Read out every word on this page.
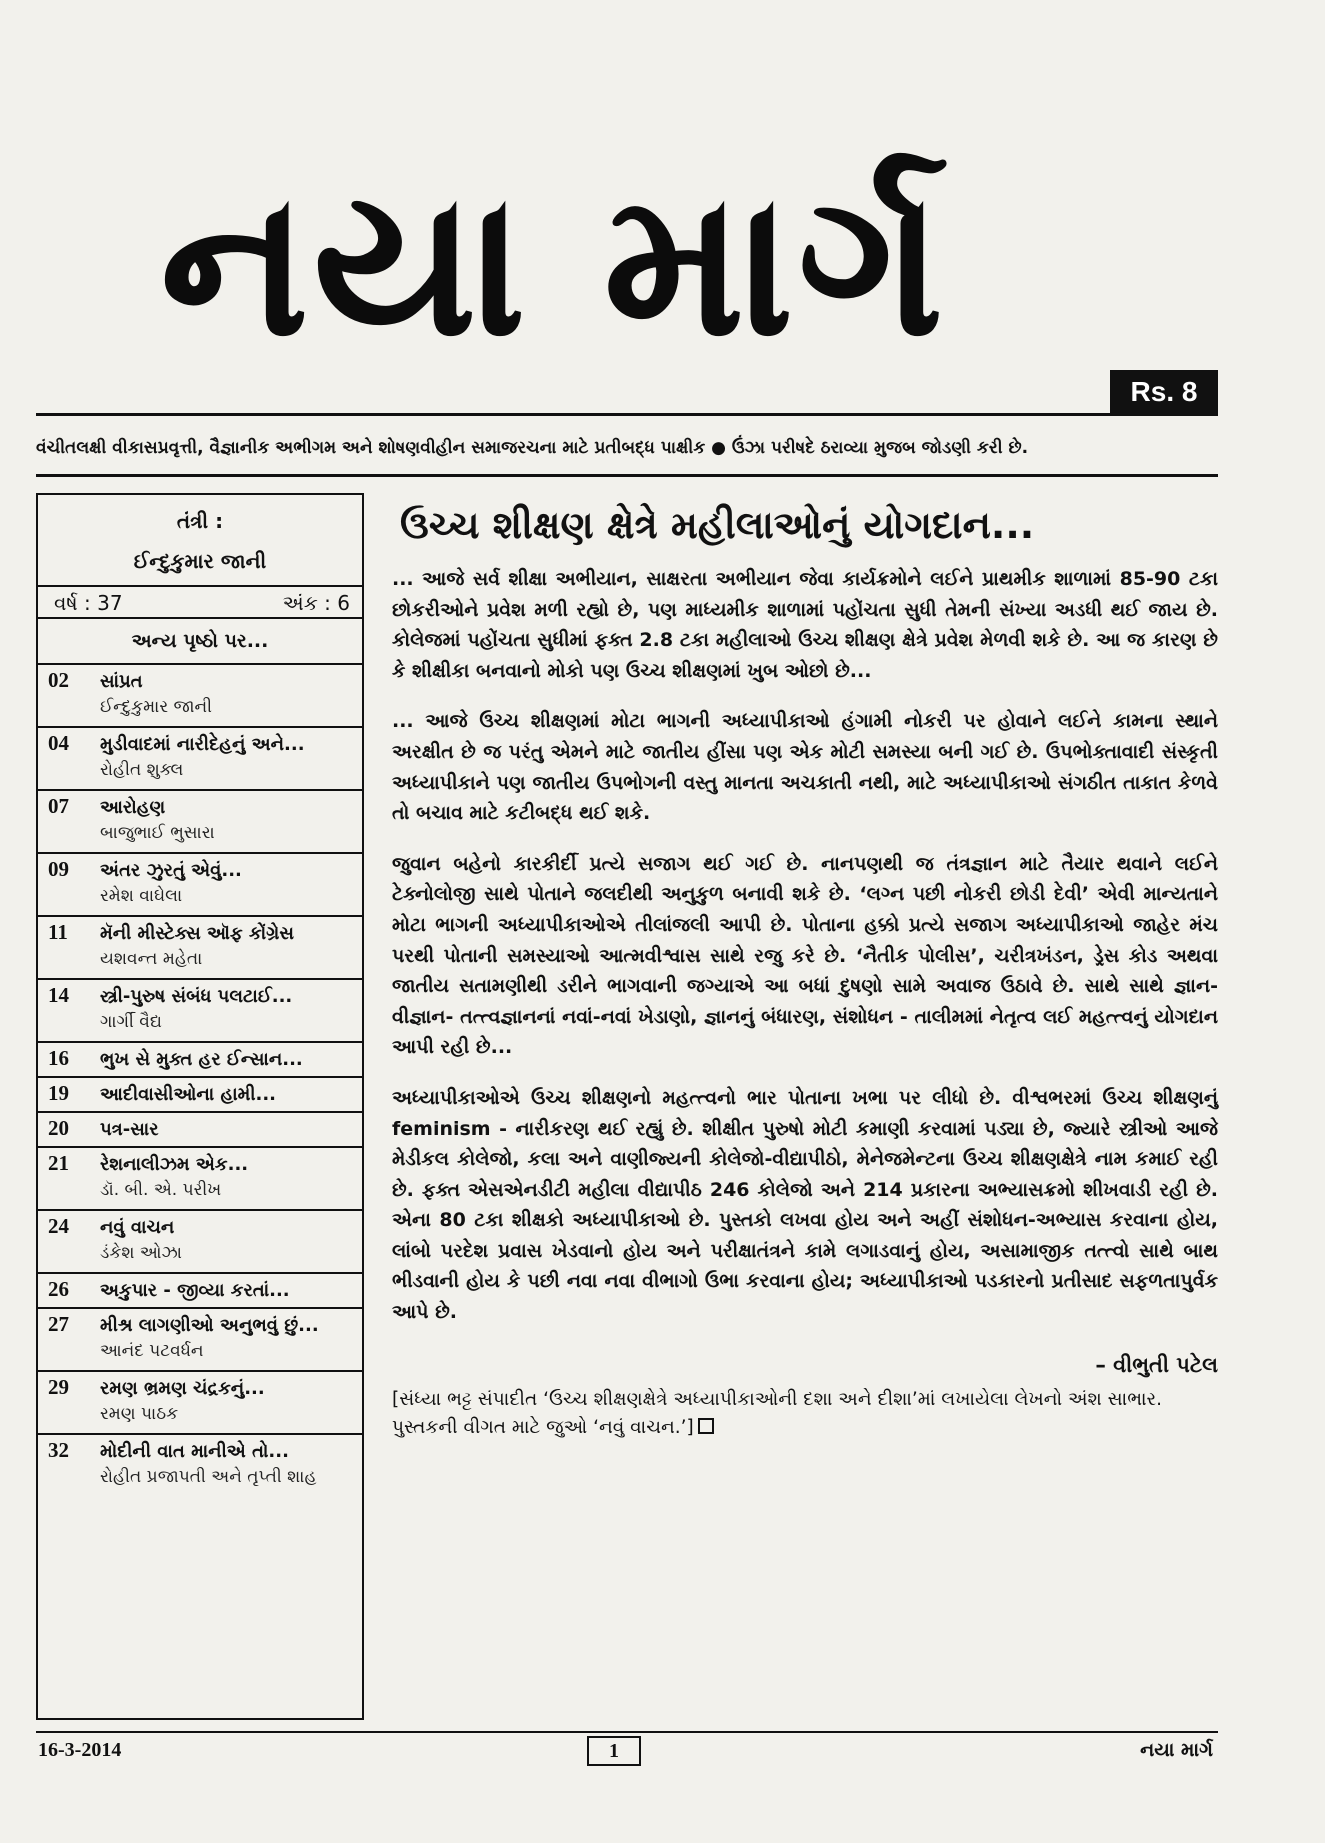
નયા માર્ગ
Rs. 8
વંચીતલક્ષી વીકાસપ્રવૃત્તી, વૈજ્ઞાનીક અભીગમ અને શોષણવીહીન સમાજરચના માટે પ્રતીબદ્ધ પાક્ષીક ● ઉંઝા પરીષદે ઠરાવ્યા મુજબ જોડણી કરી છે.
તંત્રી :
ઈન્દુકુમાર જાની
વર્ષ : 37	અંક : 6
અન્ય પૃષ્ઠો પર...
02	સાંપ્રત
ઈન્દુકુમાર જાની
04	મુડીવાદમાં નારીદેહનું અને...
રોહીત શુક્લ
07	આરોહણ
બાજુભાઈ ભુસારા
09	અંતર ઝુરતું એવું...
રમેશ વાઘેલા
11	મૅની મીસ્ટેક્સ ઑફ કોંગ્રેસ
યશવન્ત મહેતા
14	સ્ત્રી-પુરુષ સંબંધ પલટાઈ...
ગાર્ગી વૈદ્ય
16	ભુખ સે મુક્ત હર ઈન્સાન...
19	આદીવાસીઓના હામી...
20	પત્ર-સાર
21	રેશનાલીઝમ એક...
ડૉ. બી. એ. પરીખ
24	નવું વાચન
ડંકેશ ઓઝા
26	અકુપાર - જીવ્યા કરતાં...
27	મીશ્ર લાગણીઓ અનુભવું છું...
આનંદ પટવર્ધન
29	રમણ ભ્રમણ ચંદ્રકનું...
રમણ પાઠક
32	મોદીની વાત માનીએ તો...
રોહીત પ્રજાપતી અને તૃપ્તી શાહ
ઉચ્ચ શીક્ષણ ક્ષેત્રે મહીલાઓનું યોગદાન...

... આજે સર્વ શીક્ષા અભીયાન, સાક્ષરતા અભીયાન જેવા કાર્યક્રમોને લઈને પ્રાથમીક શાળામાં 85-90 ટકા છોકરીઓને પ્રવેશ મળી રહ્યો છે, પણ માધ્યમીક શાળામાં પહોંચતા સુધી તેમની સંખ્યા અડધી થઈ જાય છે. કોલેજમાં પહોંચતા સુધીમાં ફક્ત 2.8 ટકા મહીલાઓ ઉચ્ચ શીક્ષણ ક્ષેત્રે પ્રવેશ મેળવી શકે છે. આ જ કારણ છે કે શીક્ષીકા બનવાનો મોકો પણ ઉચ્ચ શીક્ષણમાં ખુબ ઓછો છે...

... આજે ઉચ્ચ શીક્ષણમાં મોટા ભાગની અધ્યાપીકાઓ હંગામી નોકરી પર હોવાને લઈને કામના સ્થાને અરક્ષીત છે જ પરંતુ એમને માટે જાતીય હીંસા પણ એક મોટી સમસ્યા બની ગઈ છે. ઉપભોક્તાવાદી સંસ્કૃતી અધ્યાપીકાને પણ જાતીય ઉપભોગની વસ્તુ માનતા અચકાતી નથી, માટે અધ્યાપીકાઓ સંગઠીત તાકાત કેળવે તો બચાવ માટે કટીબદ્ધ થઈ શકે.

જુવાન બહેનો કારકીર્દી પ્રત્યે સજાગ થઈ ગઈ છે. નાનપણથી જ તંત્રજ્ઞાન માટે તૈયાર થવાને લઈને ટેક્નોલોજી સાથે પોતાને જલદીથી અનુકુળ બનાવી શકે છે. ‘લગ્ન પછી નોકરી છોડી દેવી’ એવી માન્યતાને મોટા ભાગની અધ્યાપીકાઓએ તીલાંજલી આપી છે. પોતાના હક્કો પ્રત્યે સજાગ અધ્યાપીકાઓ જાહેર મંચ પરથી પોતાની સમસ્યાઓ આત્મવીશ્વાસ સાથે રજુ કરે છે. ‘નૈતીક પોલીસ’, ચરીત્રખંડન, ડ્રેસ કોડ અથવા જાતીય સતામણીથી ડરીને ભાગવાની જગ્યાએ આ બધાં દુષણો સામે અવાજ ઉઠાવે છે. સાથે સાથે જ્ઞાન-વીજ્ઞાન- તત્ત્વજ્ઞાનનાં નવાં-નવાં ખેડાણો, જ્ઞાનનું બંધારણ, સંશોધન - તાલીમમાં નેતૃત્વ લઈ મહત્ત્વનું યોગદાન આપી રહી છે...

અધ્યાપીકાઓએ ઉચ્ચ શીક્ષણનો મહત્ત્વનો ભાર પોતાના ખભા પર લીધો છે. વીશ્વભરમાં ઉચ્ચ શીક્ષણનું feminism - નારીકરણ થઈ રહ્યું છે. શીક્ષીત પુરુષો મોટી કમાણી કરવામાં પડ્યા છે, જ્યારે સ્ત્રીઓ આજે મેડીકલ કોલેજો, કલા અને વાણીજ્યની કોલેજો-વીદ્યાપીઠો, મેનેજમેન્ટના ઉચ્ચ શીક્ષણક્ષેત્રે નામ કમાઈ રહી છે. ફક્ત એસએનડીટી મહીલા વીદ્યાપીઠ 246 કોલેજો અને 214 પ્રકારના અભ્યાસક્રમો શીખવાડી રહી છે. એના 80 ટકા શીક્ષકો અધ્યાપીકાઓ છે. પુસ્તકો લખવા હોય અને અહીં સંશોધન-અભ્યાસ કરવાના હોય, લાંબો પરદેશ પ્રવાસ ખેડવાનો હોય અને પરીક્ષાતંત્રને કામે લગાડવાનું હોય, અસામાજીક તત્ત્વો સાથે બાથ ભીડવાની હોય કે પછી નવા નવા વીભાગો ઉભા કરવાના હોય; અધ્યાપીકાઓ પડકારનો પ્રતીસાદ સફળતાપુર્વક આપે છે.

– વીભુતી પટેલ
[સંધ્યા ભટ્ટ સંપાદીત ‘ઉચ્ચ શીક્ષણક્ષેત્રે અધ્યાપીકાઓની દશા અને દીશા’માં લખાયેલા લેખનો અંશ સાભાર. પુસ્તકની વીગત માટે જુઓ ‘નવું વાચન.’]
16-3-2014	1	નયા માર્ગ
